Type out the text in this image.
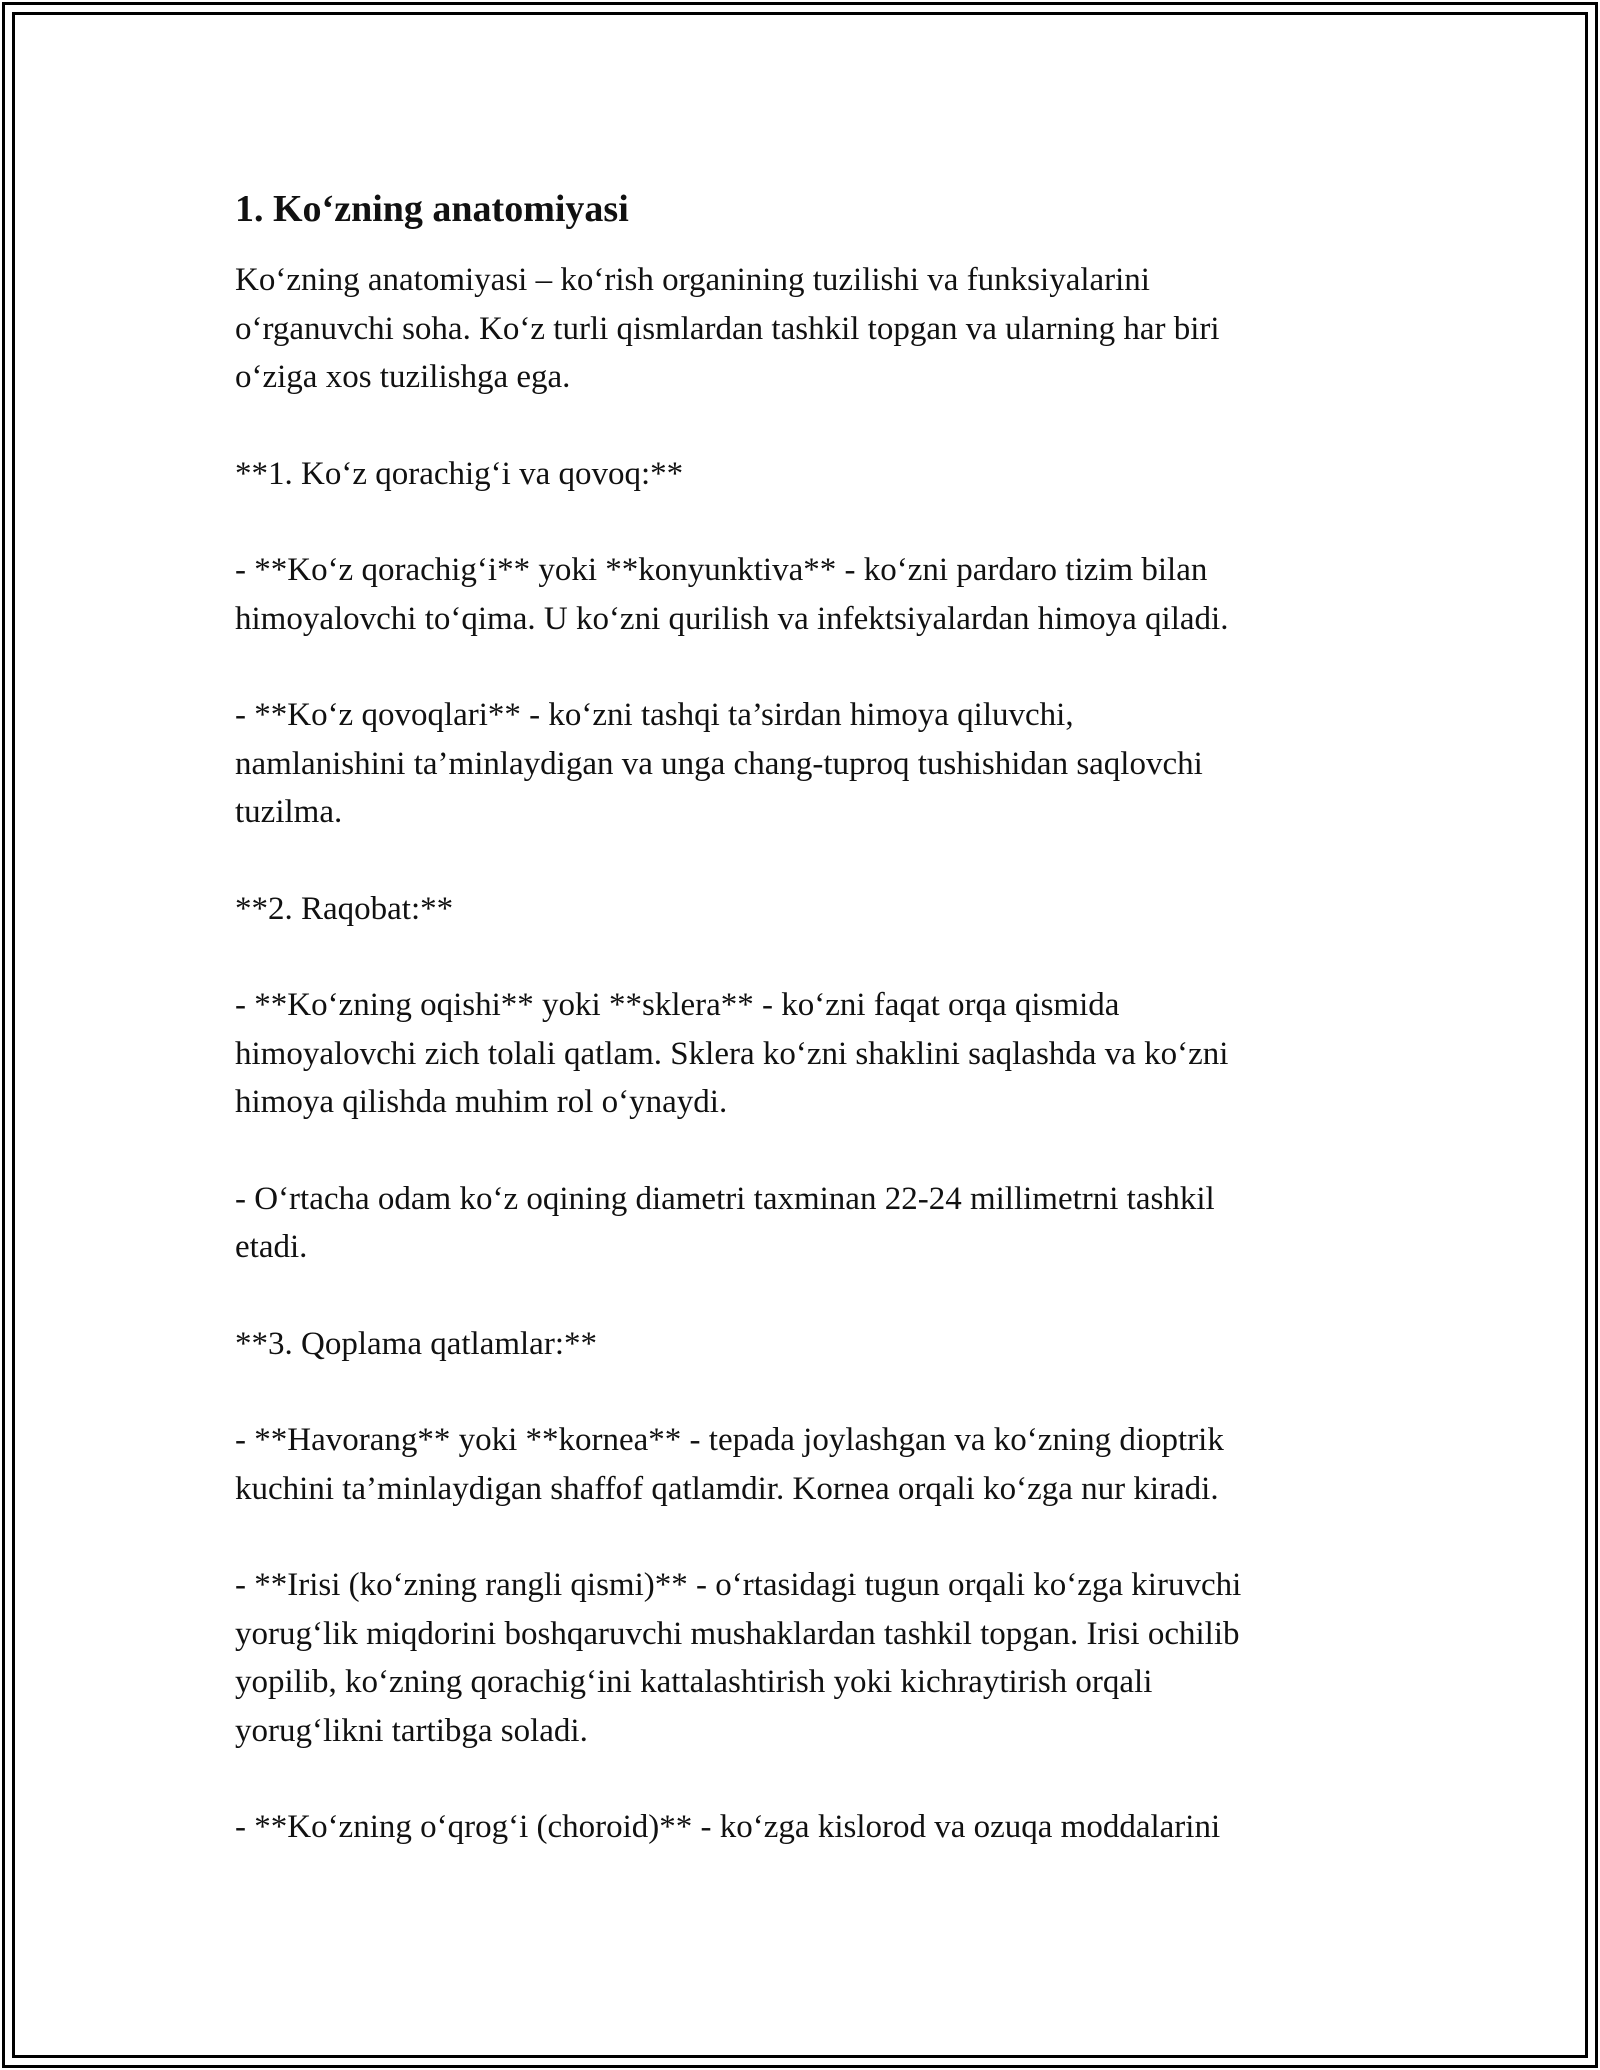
1. Ko‘zning anatomiyasi

Ko‘zning anatomiyasi – ko‘rish organining tuzilishi va funksiyalarini
o‘rganuvchi soha. Ko‘z turli qismlardan tashkil topgan va ularning har biri
o‘ziga xos tuzilishga ega.

**1. Ko‘z qorachig‘i va qovoq:**

- **Ko‘z qorachig‘i** yoki **konyunktiva** - ko‘zni pardaro tizim bilan
himoyalovchi to‘qima. U ko‘zni qurilish va infektsiyalardan himoya qiladi.

- **Ko‘z qovoqlari** - ko‘zni tashqi ta’sirdan himoya qiluvchi,
namlanishini ta’minlaydigan va unga chang-tuproq tushishidan saqlovchi
tuzilma.

**2. Raqobat:**

- **Ko‘zning oqishi** yoki **sklera** - ko‘zni faqat orqa qismida
himoyalovchi zich tolali qatlam. Sklera ko‘zni shaklini saqlashda va ko‘zni
himoya qilishda muhim rol o‘ynaydi.

- O‘rtacha odam ko‘z oqining diametri taxminan 22-24 millimetrni tashkil
etadi.

**3. Qoplama qatlamlar:**

- **Havorang** yoki **kornea** - tepada joylashgan va ko‘zning dioptrik
kuchini ta’minlaydigan shaffof qatlamdir. Kornea orqali ko‘zga nur kiradi.

- **Irisi (ko‘zning rangli qismi)** - o‘rtasidagi tugun orqali ko‘zga kiruvchi
yorug‘lik miqdorini boshqaruvchi mushaklardan tashkil topgan. Irisi ochilib
yopilib, ko‘zning qorachig‘ini kattalashtirish yoki kichraytirish orqali
yorug‘likni tartibga soladi.

- **Ko‘zning o‘qrog‘i (choroid)** - ko‘zga kislorod va ozuqa moddalarini
